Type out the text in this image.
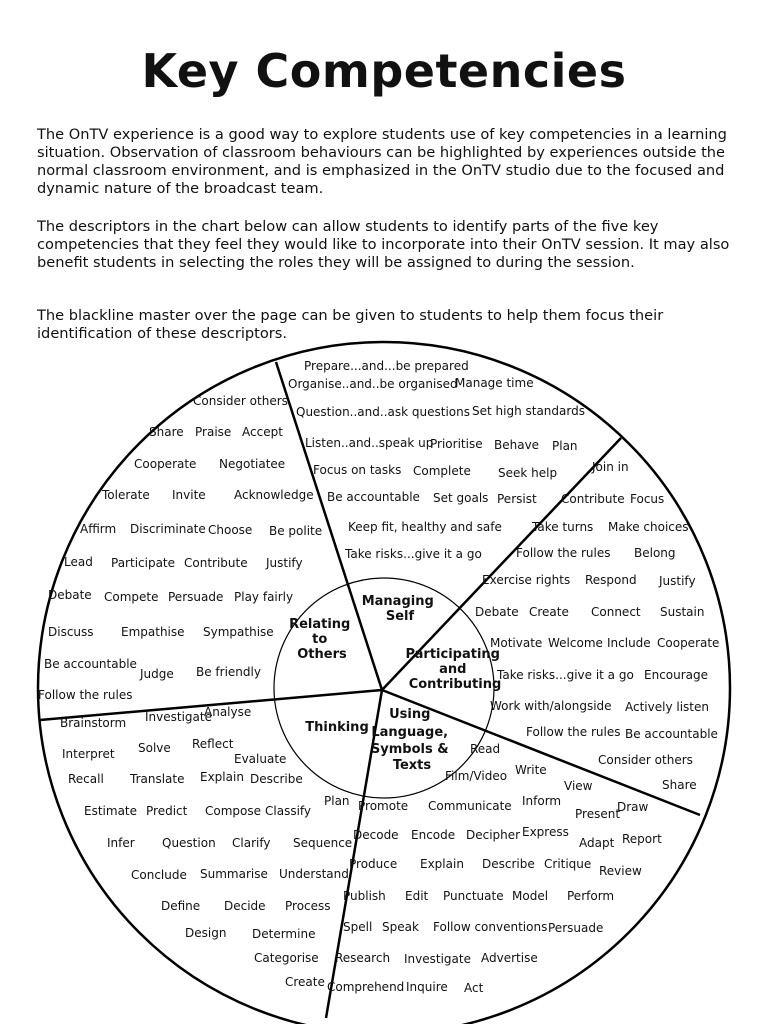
Key Competencies

The OnTV experience is a good way to explore students use of key competencies in a learning situation. Observation of classroom behaviours can be highlighted by experiences outside the normal classroom environment, and is emphasized in the OnTV studio due to the focused and dynamic nature of the broadcast team.

The descriptors in the chart below can allow students to identify parts of the five key competencies that they feel they would like to incorporate into their OnTV session. It may also benefit students in selecting the roles they will be assigned to during the session.

The blackline master over the page can be given to students to help them focus their identification of these descriptors.

Managing Self
Relating to Others	Participating and Contributing
Thinking
Using Language, Symbols & Texts
Prepare...and...be prepared
Organise..and..be organised
Manage time
Question..and..ask questions Set high standards
Listen..and..speak up
Prioritise Behave Plan
Focus on tasks Complete Seek help
Be accountable Set goals Persist
Keep fit, healthy and safe
Take risks...give it a go
Consider others
Share Praise Accept
Cooperate Negotiatee
Tolerate Invite Acknowledge
Affirm Discriminate Choose Be polite
Lead Participate Contribute Justify
Debate Compete Persuade Play fairly
Discuss Empathise Sympathise
Be accountable
Judge Be friendly
Follow the rules
Join in
Contribute Focus
Take turns Make choices
Follow the rules Belong
Exercise rights Respond Justify
Debate Create Connect Sustain
Motivate Welcome Include Cooperate
Take risks...give it a go Encourage
Work with/alongside Actively listen
Follow the rules Be accountable
Consider others
Share
Brainstorm Investigate
Analyse
Interpret Solve Reflect
Evaluate
Recall Translate Explain Describe
Plan
Estimate Predict Compose Classify
Infer Question Clarify Sequence
Conclude Summarise Understand
Define Decide Process
Design Determine
Categorise
Create
Read
Write
Film/Video
View
Promote Communicate Inform
Present
Draw
Decode Encode Decipher Express
Adapt Report
Produce Explain Describe Critique Review
Publish Edit Punctuate Model Perform
Spell Speak Follow conventions Persuade
Research Investigate Advertise
Comprehend Inquire Act
